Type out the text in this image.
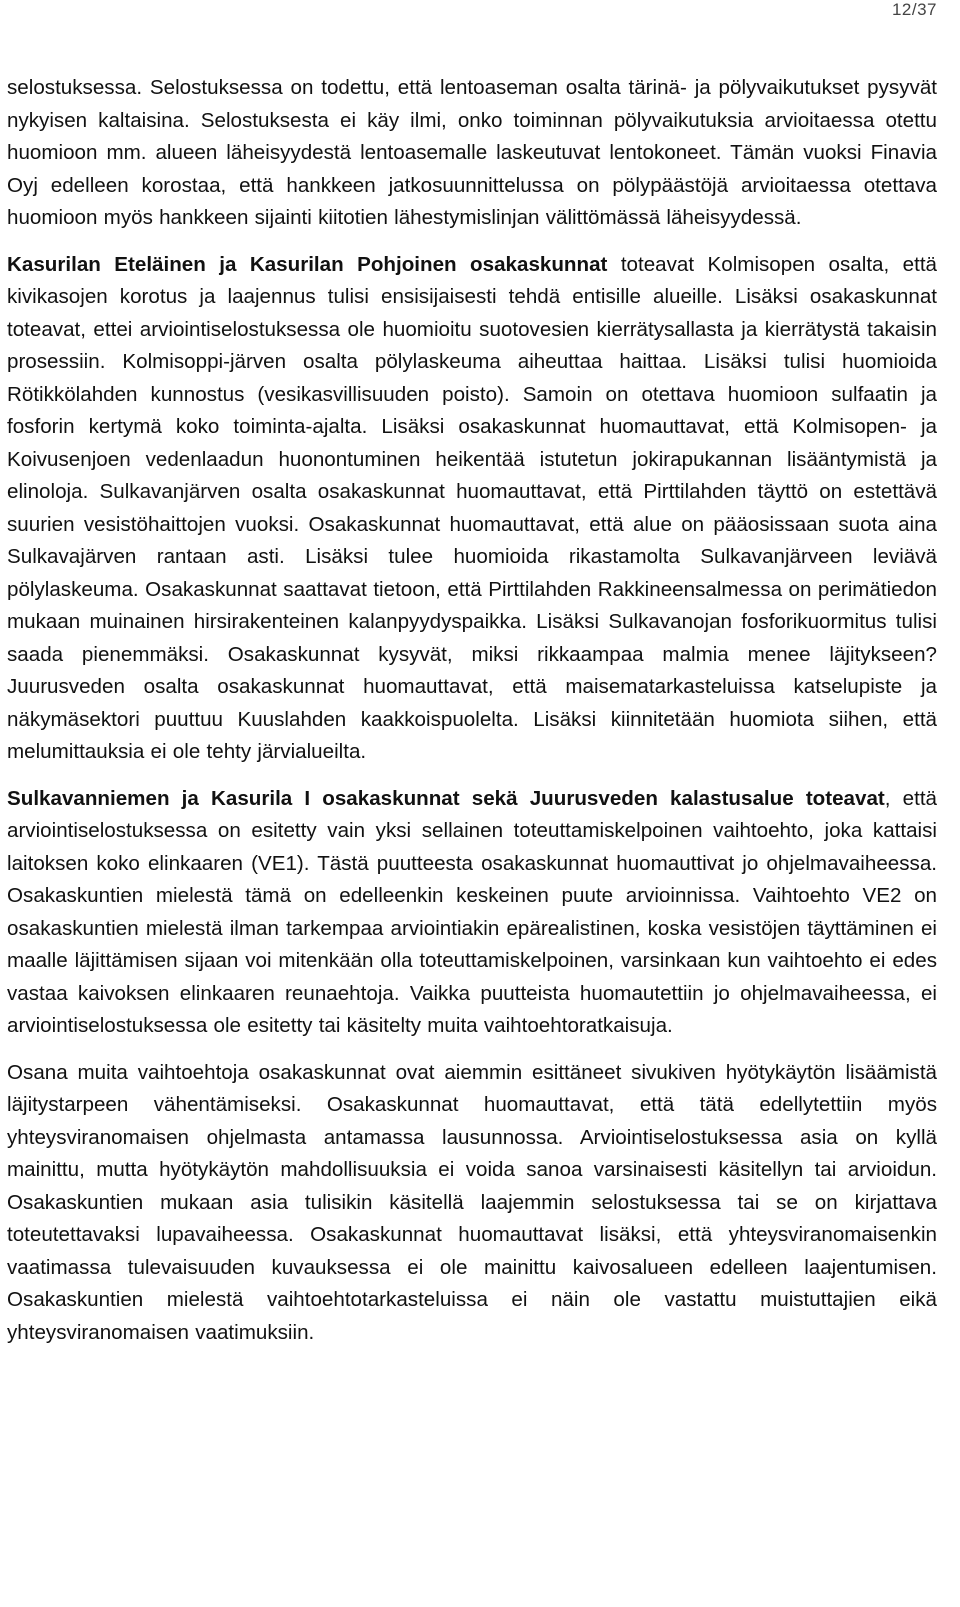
12/37

selostuksessa. Selostuksessa on todettu, että lentoaseman osalta tärinä- ja pölyvaikutukset pysyvät nykyisen kaltaisina. Selostuksesta ei käy ilmi, onko toiminnan pölyvaikutuksia arvioitaessa otettu huomioon mm. alueen läheisyydestä lentoasemalle laskeutuvat lentokoneet. Tämän vuoksi Finavia Oyj edelleen korostaa, että hankkeen jatkosuunnittelussa on pölypäästöjä arvioitaessa otettava huomioon myös hankkeen sijainti kiitotien lähestymislinjan välittömässä läheisyydessä.

Kasurilan Eteläinen ja Kasurilan Pohjoinen osakaskunnat toteavat Kolmisopen osalta, että kivikasojen korotus ja laajennus tulisi ensisijaisesti tehdä entisille alueille. Lisäksi osakaskunnat toteavat, ettei arviointiselostuksessa ole huomioitu suotovesien kierrätysallasta ja kierrätystä takaisin prosessiin. Kolmisoppi-järven osalta pölylaskeuma aiheuttaa haittaa. Lisäksi tulisi huomioida Rötikkölahden kunnostus (vesikasvillisuuden poisto). Samoin on otettava huomioon sulfaatin ja fosforin kertymä koko toiminta-ajalta. Lisäksi osakaskunnat huomauttavat, että Kolmisopen- ja Koivusenjoen vedenlaadun huonontuminen heikentää istutetun jokirapukannan lisääntymistä ja elinoloja. Sulkavanjärven osalta osakaskunnat huomauttavat, että Pirttilahden täyttö on estettävä suurien vesistöhaittojen vuoksi. Osakaskunnat huomauttavat, että alue on pääosissaan suota aina Sulkavajärven rantaan asti. Lisäksi tulee huomioida rikastamolta Sulkavanjärveen leviävä pölylaskeuma. Osakaskunnat saattavat tietoon, että Pirttilahden Rakkineensalmessa on perimätiedon mukaan muinainen hirsirakenteinen kalanpyydyspaikka. Lisäksi Sulkavanojan fosforikuormitus tulisi saada pienemmäksi. Osakaskunnat kysyvät, miksi rikkaampaa malmia menee läjitykseen? Juurusveden osalta osakaskunnat huomauttavat, että maisematarkasteluissa katselupiste ja näkymäsektori puuttuu Kuuslahden kaakkoispuolelta. Lisäksi kiinnitetään huomiota siihen, että melumittauksia ei ole tehty järvialueilta.

Sulkavanniemen ja Kasurila I osakaskunnat sekä Juurusveden kalastusalue toteavat, että arviointiselostuksessa on esitetty vain yksi sellainen toteuttamiskelpoinen vaihtoehto, joka kattaisi laitoksen koko elinkaaren (VE1). Tästä puutteesta osakaskunnat huomauttivat jo ohjelmavaiheessa. Osakaskuntien mielestä tämä on edelleenkin keskeinen puute arvioinnissa. Vaihtoehto VE2 on osakaskuntien mielestä ilman tarkempaa arviointiakin epärealistinen, koska vesistöjen täyttäminen ei maalle läjittämisen sijaan voi mitenkään olla toteuttamiskelpoinen, varsinkaan kun vaihtoehto ei edes vastaa kaivoksen elinkaaren reunaehtoja. Vaikka puutteista huomautettiin jo ohjelmavaiheessa, ei arviointiselostuksessa ole esitetty tai käsitelty muita vaihtoehtoratkaisuja.

Osana muita vaihtoehtoja osakaskunnat ovat aiemmin esittäneet sivukiven hyötykäytön lisäämistä läjitystarpeen vähentämiseksi. Osakaskunnat huomauttavat, että tätä edellytettiin myös yhteysviranomaisen ohjelmasta antamassa lausunnossa. Arviointiselostuksessa asia on kyllä mainittu, mutta hyötykäytön mahdollisuuksia ei voida sanoa varsinaisesti käsitellyn tai arvioidun. Osakaskuntien mukaan asia tulisikin käsitellä laajemmin selostuksessa tai se on kirjattava toteutettavaksi lupavaiheessa. Osakaskunnat huomauttavat lisäksi, että yhteysviranomaisenkin vaatimassa tulevaisuuden kuvauksessa ei ole mainittu kaivosalueen edelleen laajentumisen. Osakaskuntien mielestä vaihtoehtotarkasteluissa ei näin ole vastattu muistuttajien eikä yhteysviranomaisen vaatimuksiin.
